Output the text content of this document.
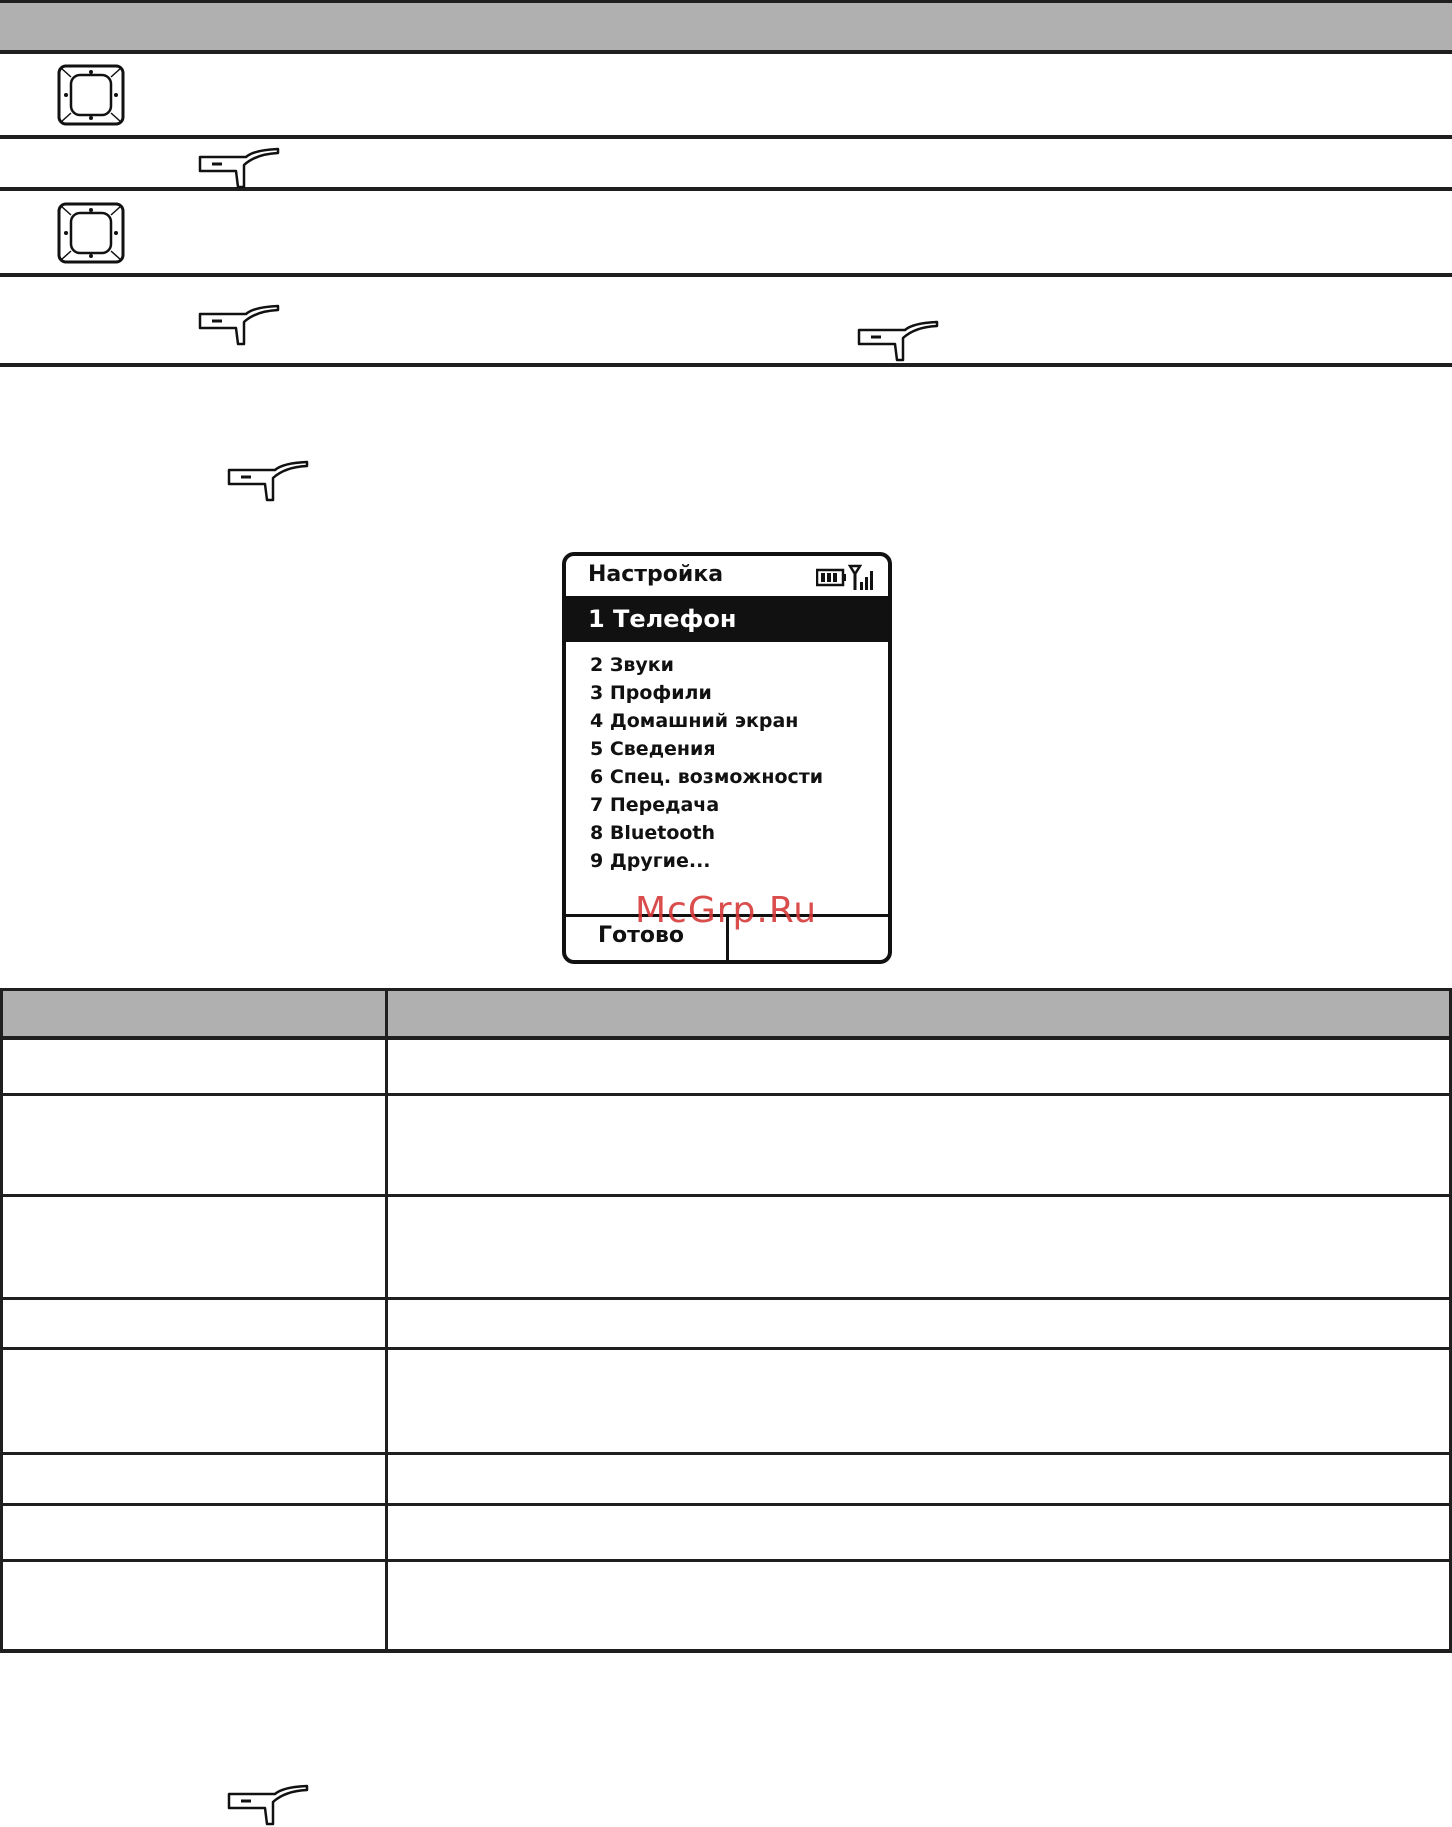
Настройка
1 Телефон
2 Звуки
3 Профили
4 Домашний экран
5 Сведения
6 Спец. возможности
7 Передача
8 Bluetooth
9 Другие...
Готово
McGrp.Ru
